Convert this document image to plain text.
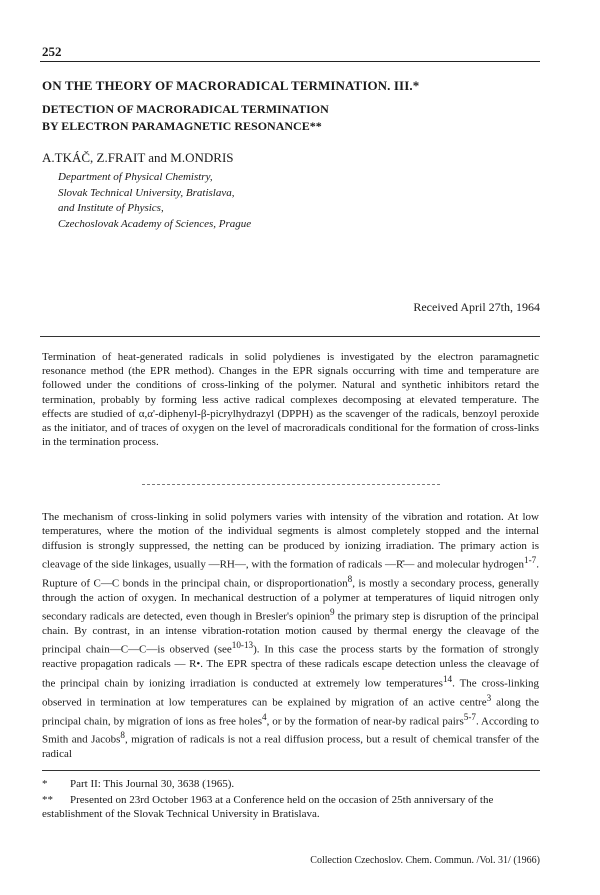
252
ON THE THEORY OF MACRORADICAL TERMINATION. III.*
DETECTION OF MACRORADICAL TERMINATION
BY ELECTRON PARAMAGNETIC RESONANCE**
A.TKÁČ, Z.FRAIT and M.ONDRIS
Department of Physical Chemistry,
Slovak Technical University, Bratislava,
and Institute of Physics,
Czechoslovak Academy of Sciences, Prague
Received April 27th, 1964
Termination of heat-generated radicals in solid polydienes is investigated by the electron paramagnetic resonance method (the EPR method). Changes in the EPR signals occurring with time and temperature are followed under the conditions of cross-linking of the polymer. Natural and synthetic inhibitors retard the termination, probably by forming less active radical complexes decomposing at elevated temperature. The effects are studied of α,α'-diphenyl-β-picrylhydrazyl (DPPH) as the scavenger of the radicals, benzoyl peroxide as the initiator, and of traces of oxygen on the level of macroradicals conditional for the formation of cross-links in the termination process.
The mechanism of cross-linking in solid polymers varies with intensity of the vibration and rotation. At low temperatures, where the motion of the individual segments is almost completely stopped and the internal diffusion is strongly suppressed, the netting can be produced by ionizing irradiation. The primary action is cleavage of the side linkages, usually —RH—, with the formation of radicals —R̊— and molecular hydrogen$^{1-7}$. Rupture of C—C bonds in the principal chain, or disproportionation$^8$, is mostly a secondary process, generally through the action of oxygen. In mechanical destruction of a polymer at temperatures of liquid nitrogen only secondary radicals are detected, even though in Bresler's opinion$^9$ the primary step is disruption of the principal chain. By contrast, in an intense vibration-rotation motion caused by thermal energy the cleavage of the principal chain—C—C—is observed (see$^{10-13}$). In this case the process starts by the formation of strongly reactive propagation radicals — R•. The EPR spectra of these radicals escape detection unless the cleavage of the principal chain by ionizing irradiation is conducted at extremely low temperatures$^{14}$. The cross-linking observed in termination at low temperatures can be explained by migration of an active centre$^3$ along the principal chain, by migration of ions as free holes$^4$, or by the formation of near-by radical pairs$^{5-7}$. According to Smith and Jacobs$^8$, migration of radicals is not a real diffusion process, but a result of chemical transfer of the radical
* Part II: This Journal 30, 3638 (1965).
** Presented on 23rd October 1963 at a Conference held on the occasion of 25th anniversary of the establishment of the Slovak Technical University in Bratislava.
Collection Czechoslov. Chem. Commun. /Vol. 31/ (1966)
